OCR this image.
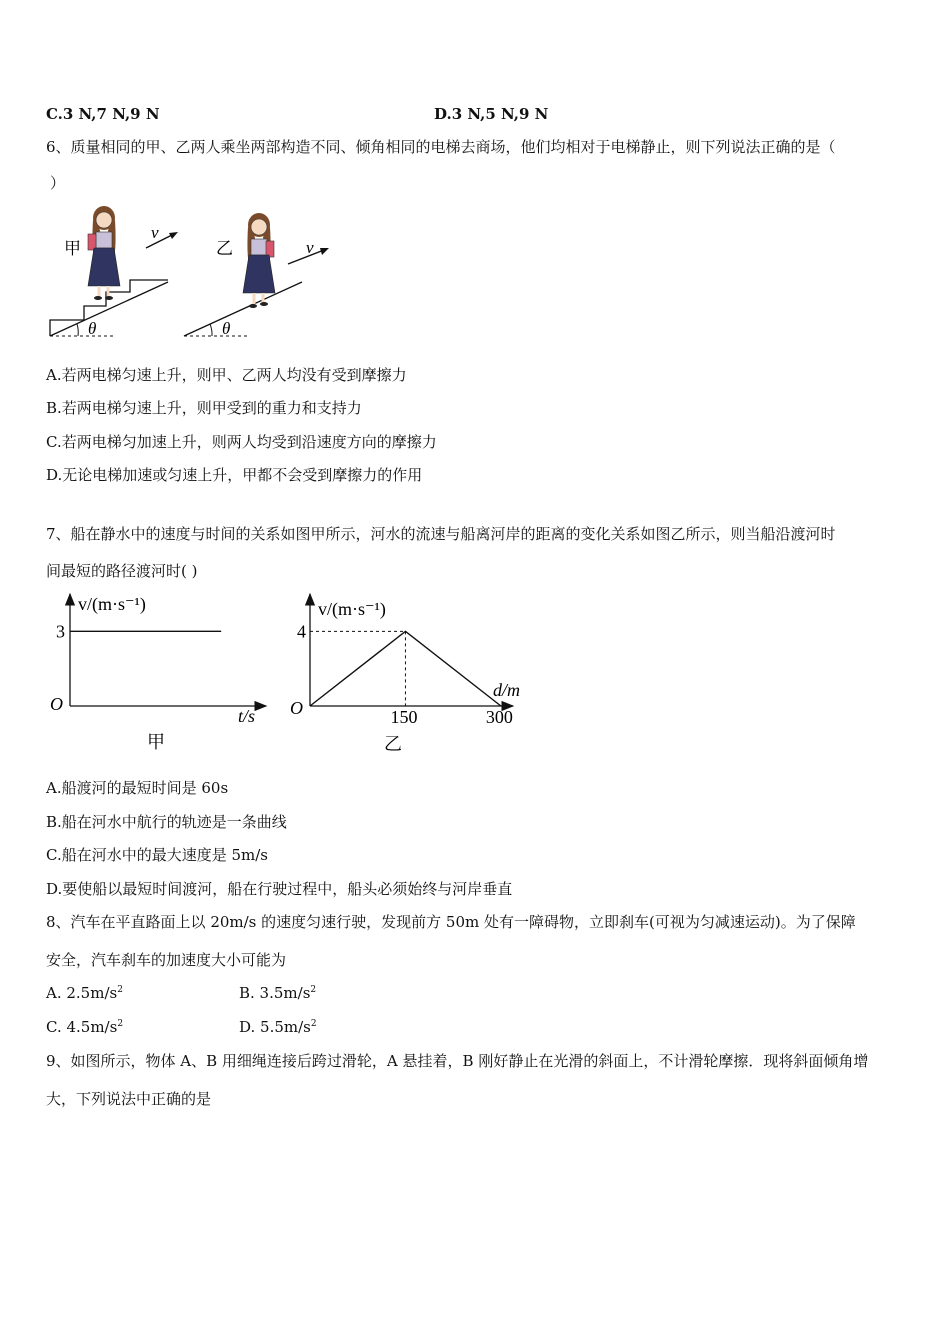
C.3 N,7 N,9 N	D.3 N,5 N,9 N
6、质量相同的甲、乙两人乘坐两部构造不同、倾角相同的电梯去商场，他们均相对于电梯静止，则下列说法正确的是（
）
θ
甲
v
θ
乙	v
A.若两电梯匀速上升，则甲、乙两人均没有受到摩擦力
B.若两电梯匀速上升，则甲受到的重力和支持力
C.若两电梯匀加速上升，则两人均受到沿速度方向的摩擦力
D.无论电梯加速或匀速上升，甲都不会受到摩擦力的作用
7、船在静水中的速度与时间的关系如图甲所示，河水的流速与船离河岸的距离的变化关系如图乙所示，则当船沿渡河时
间最短的路径渡河时( )
v/(m·s⁻¹)
t/s
O
3
甲
v/(m·s⁻¹)
d/m
O
4
150	300
乙
A.船渡河的最短时间是 60s
B.船在河水中航行的轨迹是一条曲线
C.船在河水中的最大速度是 5m/s
D.要使船以最短时间渡河，船在行驶过程中，船头必须始终与河岸垂直
8、汽车在平直路面上以 20m/s 的速度匀速行驶，发现前方 50m 处有一障碍物，立即刹车(可视为匀减速运动)。为了保障
安全，汽车刹车的加速度大小可能为
A. $2.5m/s^2$	B. $3.5m/s^2$
C. $4.5m/s^2$	D. $5.5m/s^2$
9、如图所示，物体 A、B 用细绳连接后跨过滑轮，A 悬挂着，B 刚好静止在光滑的斜面上，不计滑轮摩擦．现将斜面倾角增
大，下列说法中正确的是
